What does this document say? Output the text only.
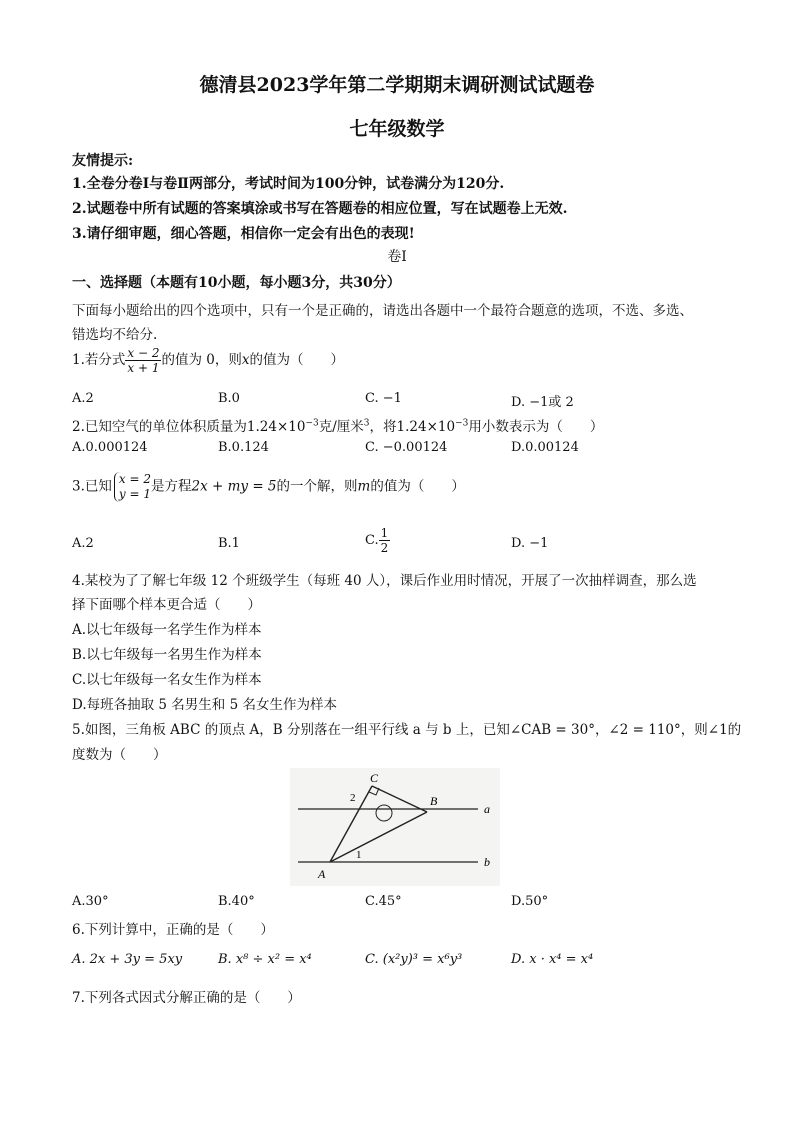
德清县2023学年第二学期期末调研测试试题卷
七年级数学
友情提示:
1.全卷分卷Ⅰ与卷Ⅱ两部分，考试时间为100分钟，试卷满分为120分.
2.试题卷中所有试题的答案填涂或书写在答题卷的相应位置，写在试题卷上无效.
3.请仔细审题，细心答题，相信你一定会有出色的表现!
卷Ⅰ
一、选择题（本题有10小题，每小题3分，共30分）
下面每小题给出的四个选项中，只有一个是正确的，请选出各题中一个最符合题意的选项，不选、多选、
错选均不给分.
1.若分式 $\frac{x - 2}{x + 1}$ 的值为 0，则x的值为（　　）
A.2	B.0	C. −1	D. −1或 2
2.已知空气的单位体积质量为$1.24\times 10^{-3}$克/厘米$^3$，将$1.24\times 10^{-3}$用小数表示为（　　）
A.0.000124	B.0.124	C. −0.00124	D.0.00124
3.已知 x = 2
y = 1 是方程2x + my = 5的一个解，则m的值为（　　）
A.2	B.1	C. $\frac{1}{2}$	D. −1
4.某校为了了解七年级 12 个班级学生（每班 40 人），课后作业用时情况，开展了一次抽样调查，那么选
择下面哪个样本更合适（　　）
A.以七年级每一名学生作为样本
B.以七年级每一名男生作为样本
C.以七年级每一名女生作为样本
D.每班各抽取 5 名男生和 5 名女生作为样本
5.如图，三角板 ABC 的顶点 A，B 分别落在一组平行线 a 与 b 上，已知∠CAB = 30°，∠2 = 110°，则∠1的
度数为（　　）
C
B
A
a
b
1
2
A.30°	B.40°	C.45°	D.50°
6.下列计算中，正确的是（　　）
A. 2x + 3y = 5xy	B. x⁸ ÷ x² = x⁴	C. (x²y)³ = x⁶y³	D. x · x⁴ = x⁴
7.下列各式因式分解正确的是（　　）
